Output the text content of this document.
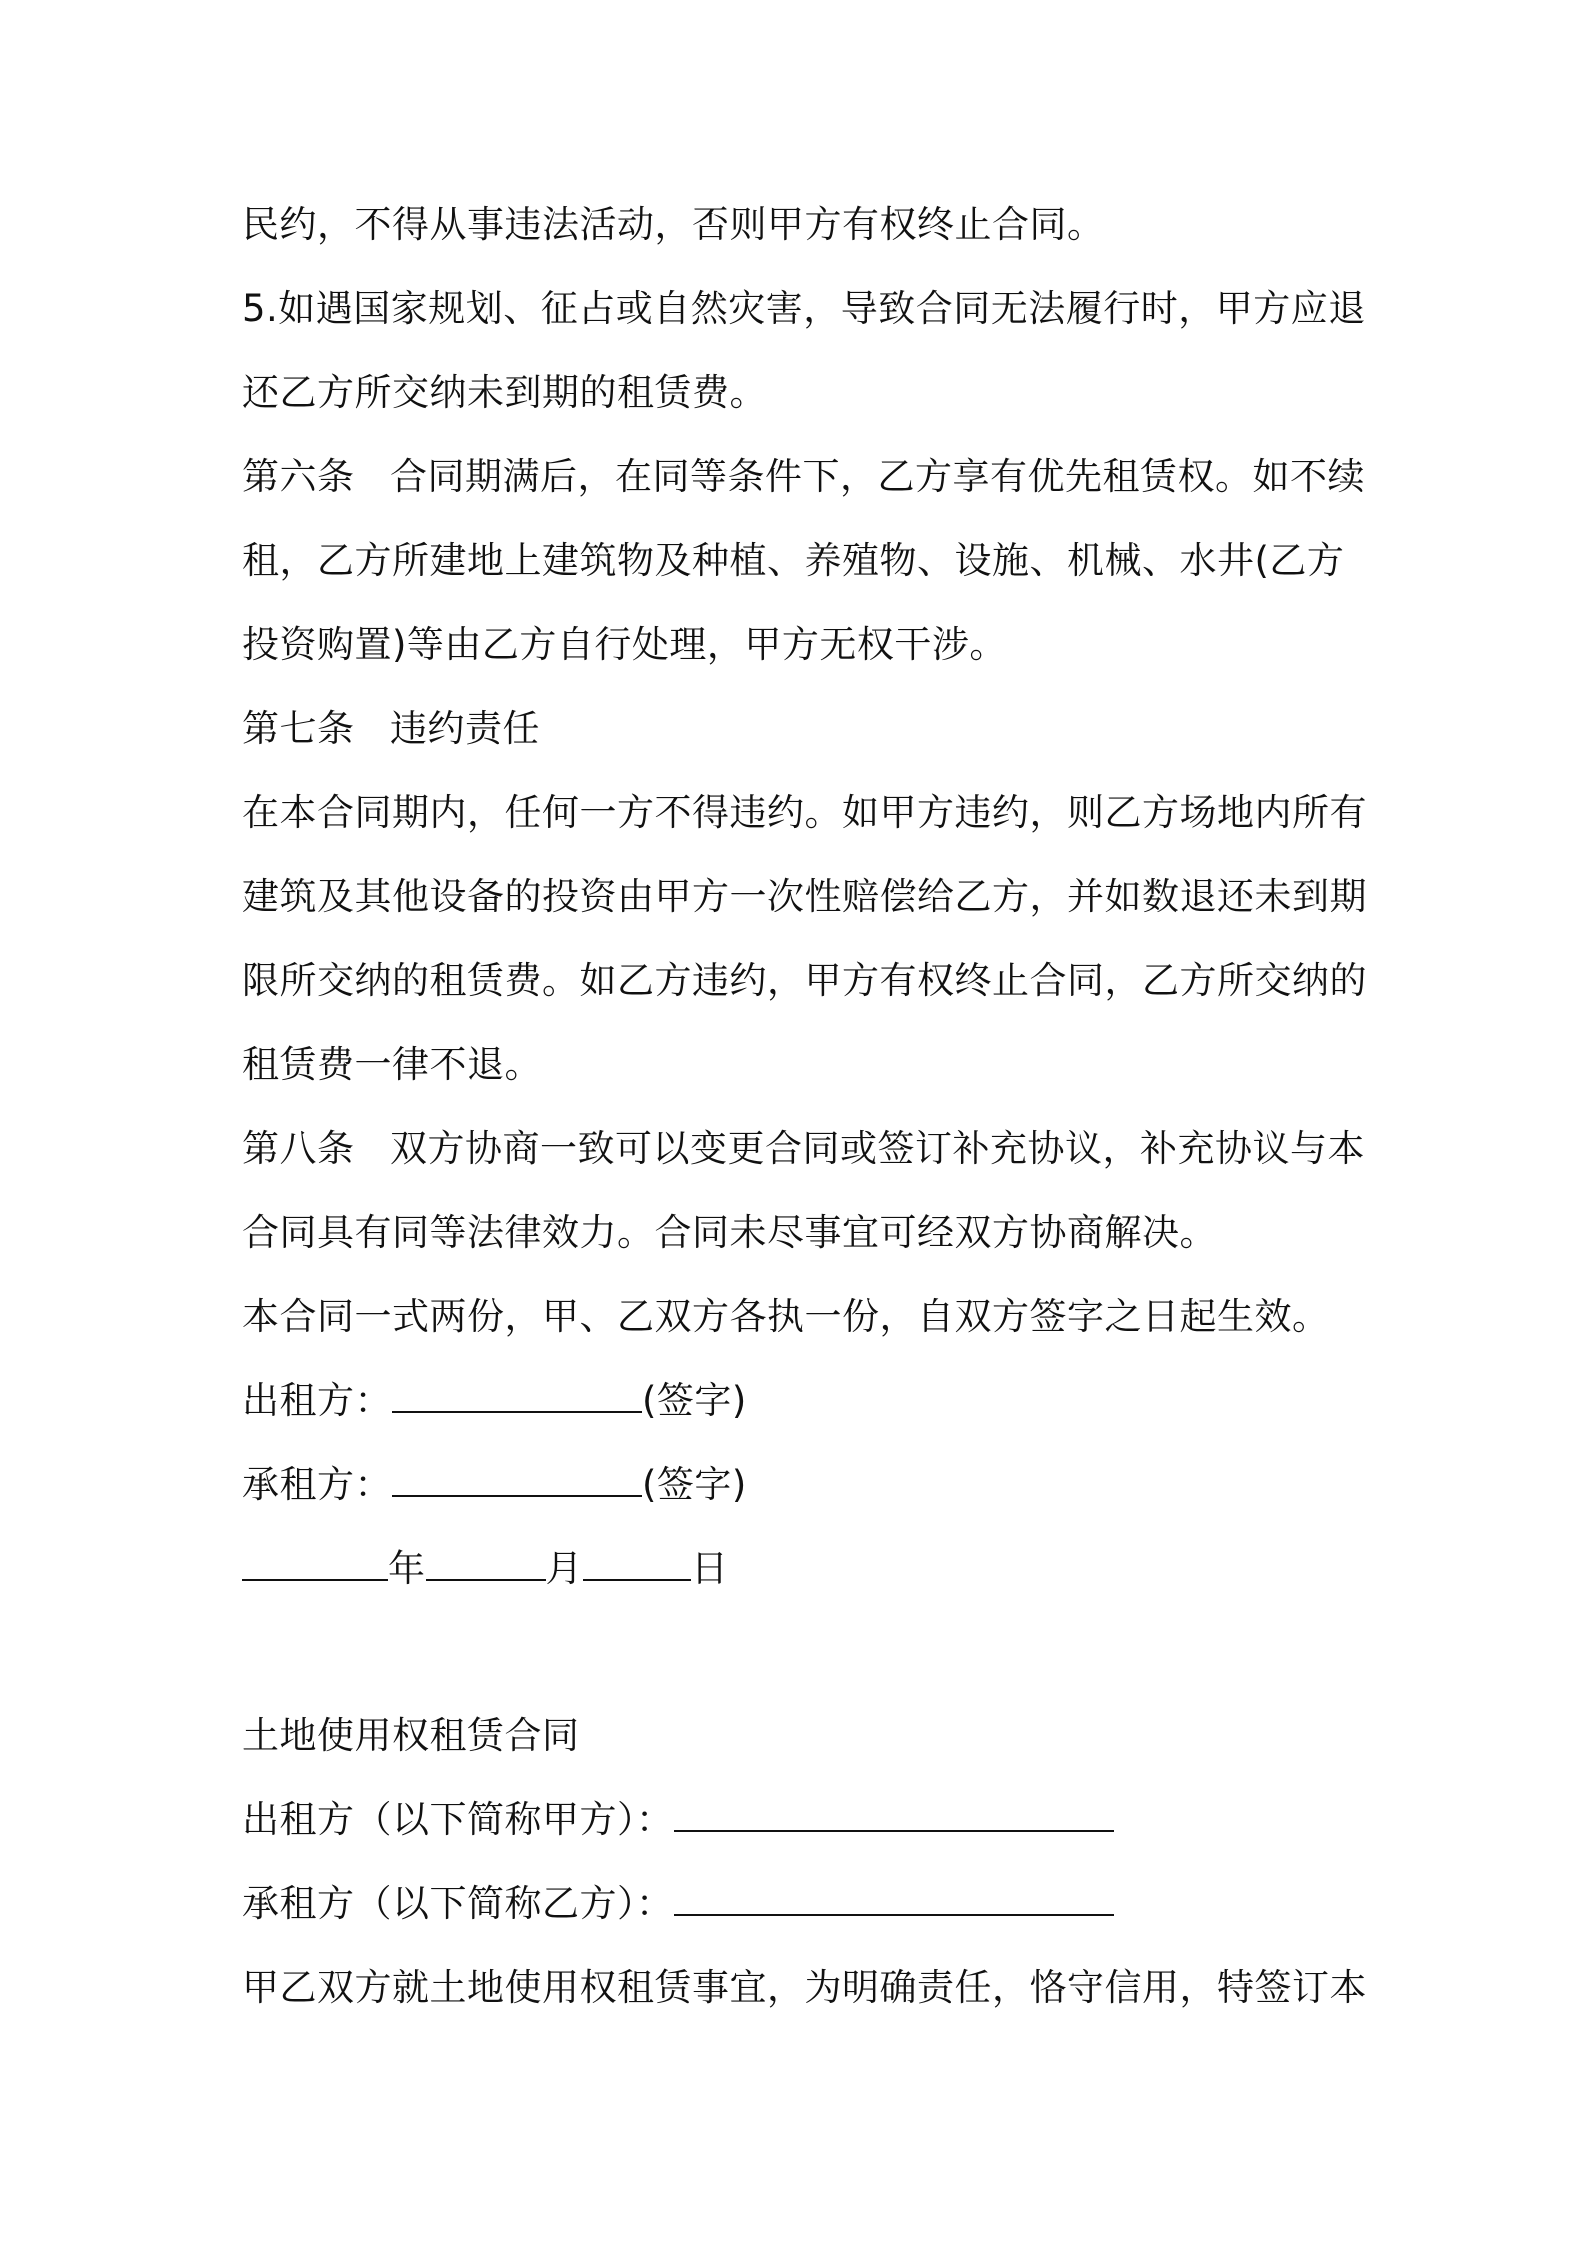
民约，不得从事违法活动，否则甲方有权终止合同。
5.如遇国家规划、征占或自然灾害，导致合同无法履行时，甲方应退
还乙方所交纳未到期的租赁费。
第六条 合同期满后，在同等条件下，乙方享有优先租赁权。如不续
租，乙方所建地上建筑物及种植、养殖物、设施、机械、水井(乙方
投资购置)等由乙方自行处理，甲方无权干涉。
第七条 违约责任
在本合同期内，任何一方不得违约。如甲方违约，则乙方场地内所有
建筑及其他设备的投资由甲方一次性赔偿给乙方，并如数退还未到期
限所交纳的租赁费。如乙方违约，甲方有权终止合同，乙方所交纳的
租赁费一律不退。
第八条 双方协商一致可以变更合同或签订补充协议，补充协议与本
合同具有同等法律效力。合同未尽事宜可经双方协商解决。
本合同一式两份，甲、乙双方各执一份，自双方签字之日起生效。
出租方：	(签字)
承租方：	(签字)
年	月	日
土地使用权租赁合同
出租方（以下简称甲方）：
承租方（以下简称乙方）：
甲乙双方就土地使用权租赁事宜，为明确责任，恪守信用，特签订本
